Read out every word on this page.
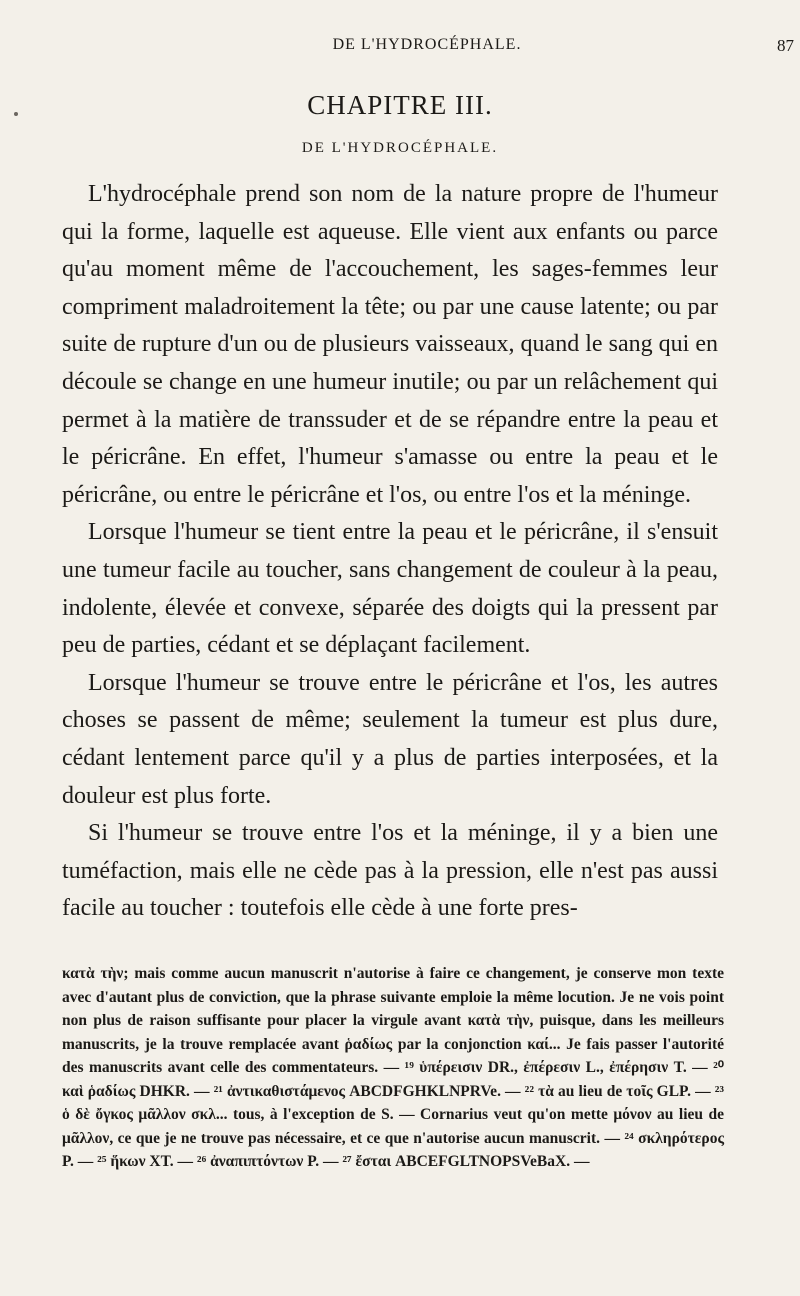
DE L'HYDROCÉPHALE.	87
CHAPITRE III.
DE L'HYDROCÉPHALE.

L'hydrocéphale prend son nom de la nature propre de l'humeur qui la forme, laquelle est aqueuse. Elle vient aux enfants ou parce qu'au moment même de l'accouchement, les sages-femmes leur compriment maladroitement la tête; ou par une cause latente; ou par suite de rupture d'un ou de plusieurs vaisseaux, quand le sang qui en découle se change en une humeur inutile; ou par un relâchement qui permet à la matière de transsuder et de se répandre entre la peau et le péricrâne. En effet, l'humeur s'amasse ou entre la peau et le péricrâne, ou entre le péricrâne et l'os, ou entre l'os et la méninge.

Lorsque l'humeur se tient entre la peau et le péricrâne, il s'ensuit une tumeur facile au toucher, sans changement de couleur à la peau, indolente, élevée et convexe, séparée des doigts qui la pressent par peu de parties, cédant et se déplaçant facilement.

Lorsque l'humeur se trouve entre le péricrâne et l'os, les autres choses se passent de même; seulement la tumeur est plus dure, cédant lentement parce qu'il y a plus de parties interposées, et la douleur est plus forte.

Si l'humeur se trouve entre l'os et la méninge, il y a bien une tuméfaction, mais elle ne cède pas à la pression, elle n'est pas aussi facile au toucher : toutefois elle cède à une forte pres-

κατὰ τὴν; mais comme aucun manuscrit n'autorise à faire ce changement, je conserve mon texte avec d'autant plus de conviction, que la phrase suivante emploie la même locution. Je ne vois point non plus de raison suffisante pour placer la virgule avant κατὰ τὴν, puisque, dans les meilleurs manuscrits, je la trouve remplacée avant ῥαδίως par la conjonction καί... Je fais passer l'autorité des manuscrits avant celle des commentateurs. — ¹⁹ ὑπέρεισιν DR., ἐπέρεσιν L., ἐπέρησιν T. — ²⁰ καὶ ῥαδίως DHKR. — ²¹ ἀντικαθιστάμενος ABCDFGHKLNPRVe. — ²² τὰ au lieu de τοῖς GLP. — ²³ ὁ δὲ ὄγκος μᾶλλον σκλ... tous, à l'exception de S. — Cornarius veut qu'on mette μόνον au lieu de μᾶλλον, ce que je ne trouve pas nécessaire, et ce que n'autorise aucun manuscrit. — ²⁴ σκληρότερος P. — ²⁵ ἥκων XT. — ²⁶ ἀναπιπτόντων P. — ²⁷ ἔσται ABCEFGLTNOPSVeBaX. —
